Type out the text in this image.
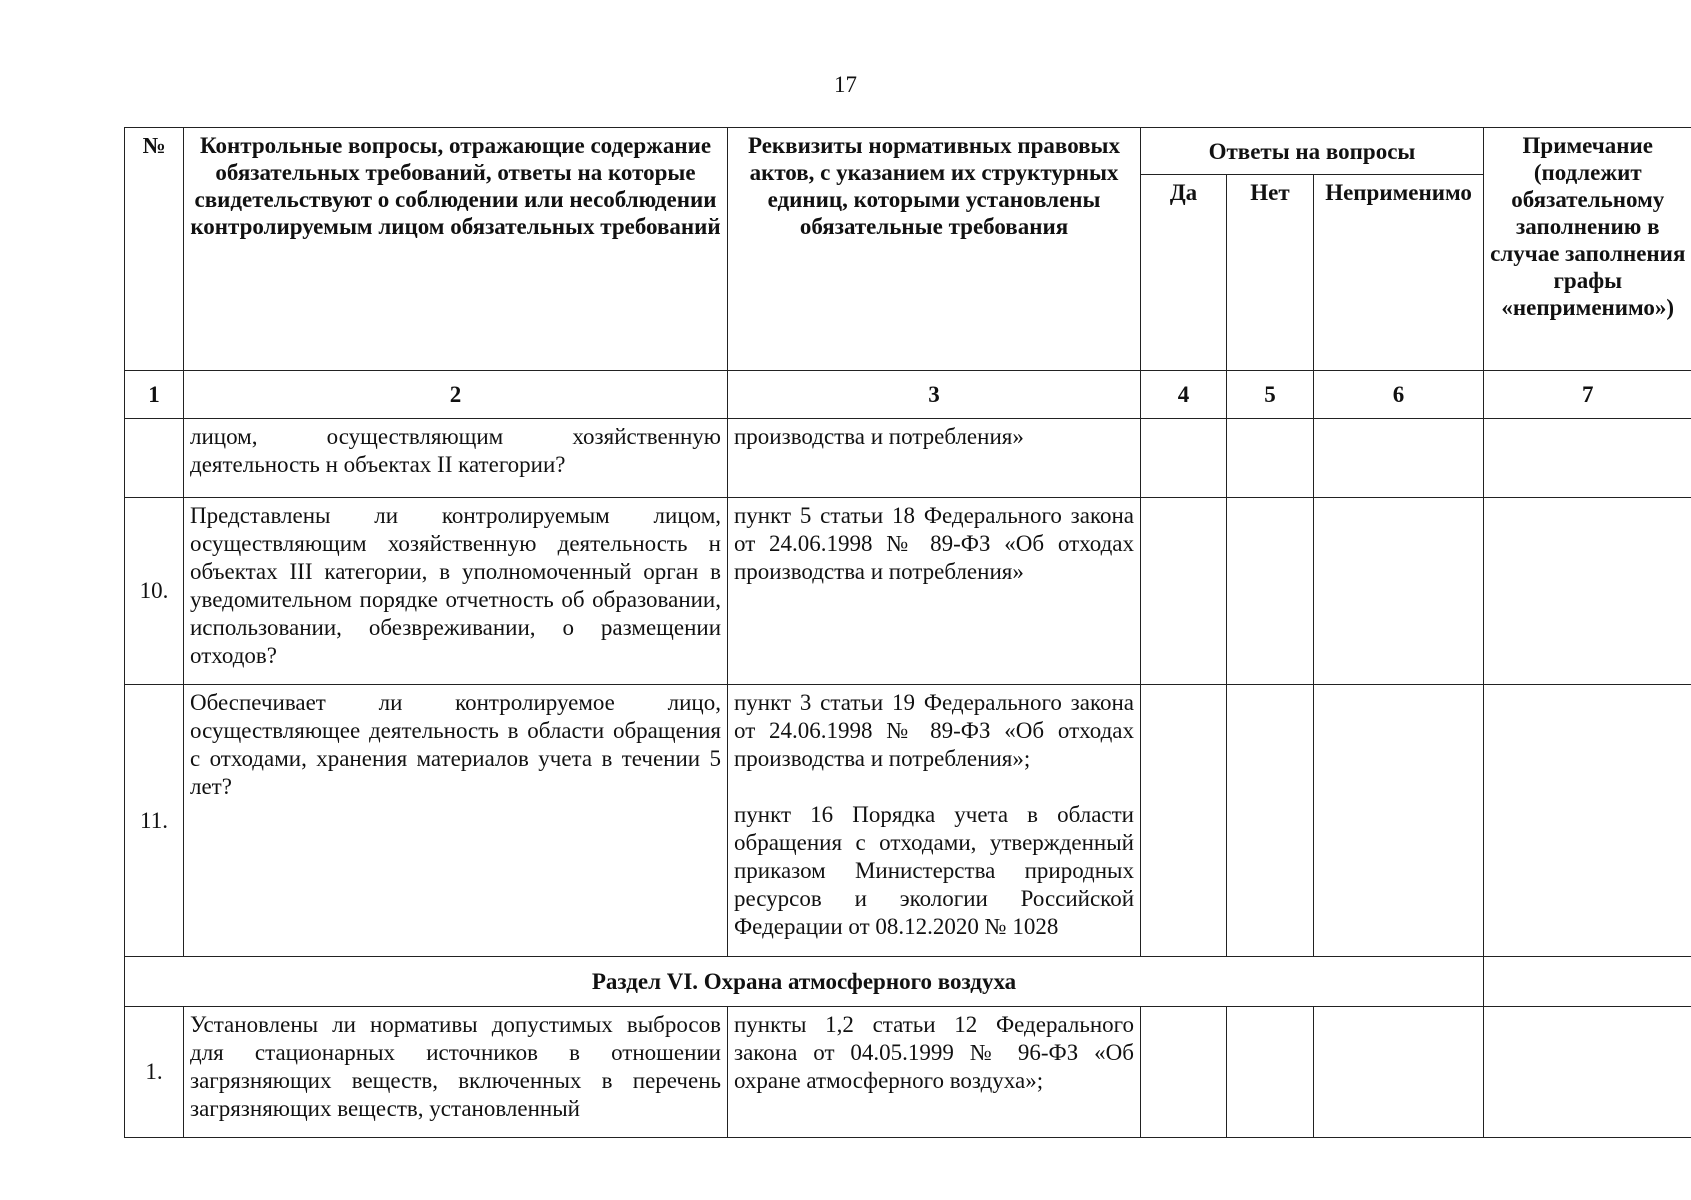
17
№	Контрольные вопросы, отражающие содержание обязательных требований, ответы на которые свидетельствуют о соблюдении или несоблюдении контролируемым лицом обязательных требований	Реквизиты нормативных правовых актов, с указанием их структурных единиц, которыми установлены обязательные требования	Ответы на вопросы			Примечание (подлежит обязательному заполнению в случае заполнения графы «неприменимо»)
			Да	Нет	Неприменимо	
1	2	3	4	5	6	7
	лицом, осуществляющим хозяйственную деятельность н объектах II категории?	производства и потребления»				
10.	Представлены ли контролируемым лицом, осуществляющим хозяйственную деятельность н объектах III категории, в уполномоченный орган в уведомительном порядке отчетность об образовании, использовании, обезвреживании, о размещении отходов?	пункт 5 статьи 18 Федерального закона от 24.06.1998 № 89-ФЗ «Об отходах производства и потребления»				
11.	Обеспечивает ли контролируемое лицо, осуществляющее деятельность в области обращения с отходами, хранения материалов учета в течении 5 лет?	пункт 3 статьи 19 Федерального закона от 24.06.1998 № 89-ФЗ «Об отходах производства и потребления»;
пункт 16 Порядка учета в области обращения с отходами, утвержденный приказом Министерства природных ресурсов и экологии Российской Федерации от 08.12.2020 № 1028				

Раздел VI. Охрана атмосферного воздуха						
1.	Установлены ли нормативы допустимых выбросов для стационарных источников в отношении загрязняющих веществ, включенных в перечень загрязняющих веществ, установленный	пункты 1,2 статьи 12 Федерального закона от 04.05.1999 № 96-ФЗ «Об охране атмосферного воздуха»;				
